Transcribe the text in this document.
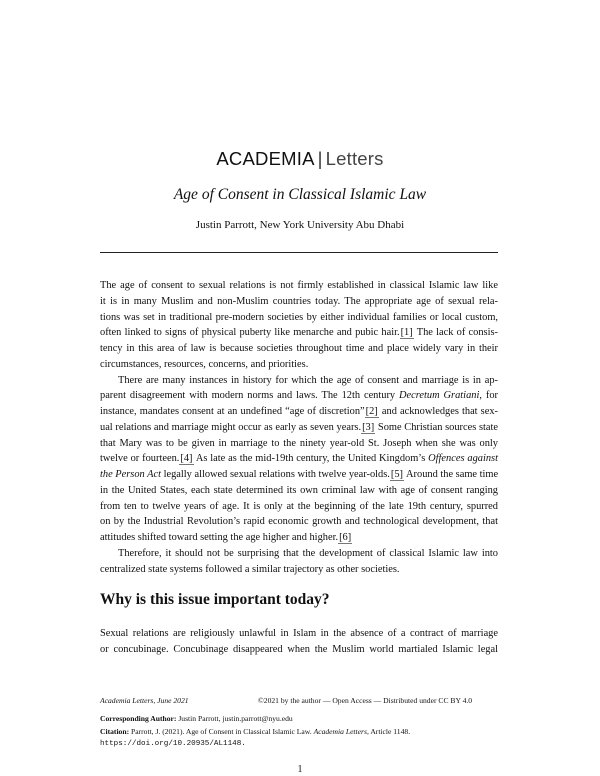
ACADEMIA | Letters
Age of Consent in Classical Islamic Law
Justin Parrott, New York University Abu Dhabi
The age of consent to sexual relations is not firmly established in classical Islamic law like
it is in many Muslim and non-Muslim countries today. The appropriate age of sexual rela-
tions was set in traditional pre-modern societies by either individual families or local custom,
often linked to signs of physical puberty like menarche and pubic hair.[1] The lack of consis-
tency in this area of law is because societies throughout time and place widely vary in their
circumstances, resources, concerns, and priorities.
There are many instances in history for which the age of consent and marriage is in ap-
parent disagreement with modern norms and laws. The 12th century Decretum Gratiani, for
instance, mandates consent at an undefined “age of discretion”[2] and acknowledges that sex-
ual relations and marriage might occur as early as seven years.[3] Some Christian sources state
that Mary was to be given in marriage to the ninety year-old St. Joseph when she was only
twelve or fourteen.[4] As late as the mid-19th century, the United Kingdom’s Offences against
the Person Act legally allowed sexual relations with twelve year-olds.[5] Around the same time
in the United States, each state determined its own criminal law with age of consent ranging
from ten to twelve years of age. It is only at the beginning of the late 19th century, spurred
on by the Industrial Revolution’s rapid economic growth and technological development, that
attitudes shifted toward setting the age higher and higher.[6]
Therefore, it should not be surprising that the development of classical Islamic law into
centralized state systems followed a similar trajectory as other societies.
Why is this issue important today?
Sexual relations are religiously unlawful in Islam in the absence of a contract of marriage
or concubinage. Concubinage disappeared when the Muslim world martialed Islamic legal
Academia Letters, June 2021	©2021 by the author — Open Access — Distributed under CC BY 4.0
Corresponding Author: Justin Parrott, justin.parrott@nyu.edu
Citation: Parrott, J. (2021). Age of Consent in Classical Islamic Law. Academia Letters, Article 1148.
https://doi.org/10.20935/AL1148.
1
